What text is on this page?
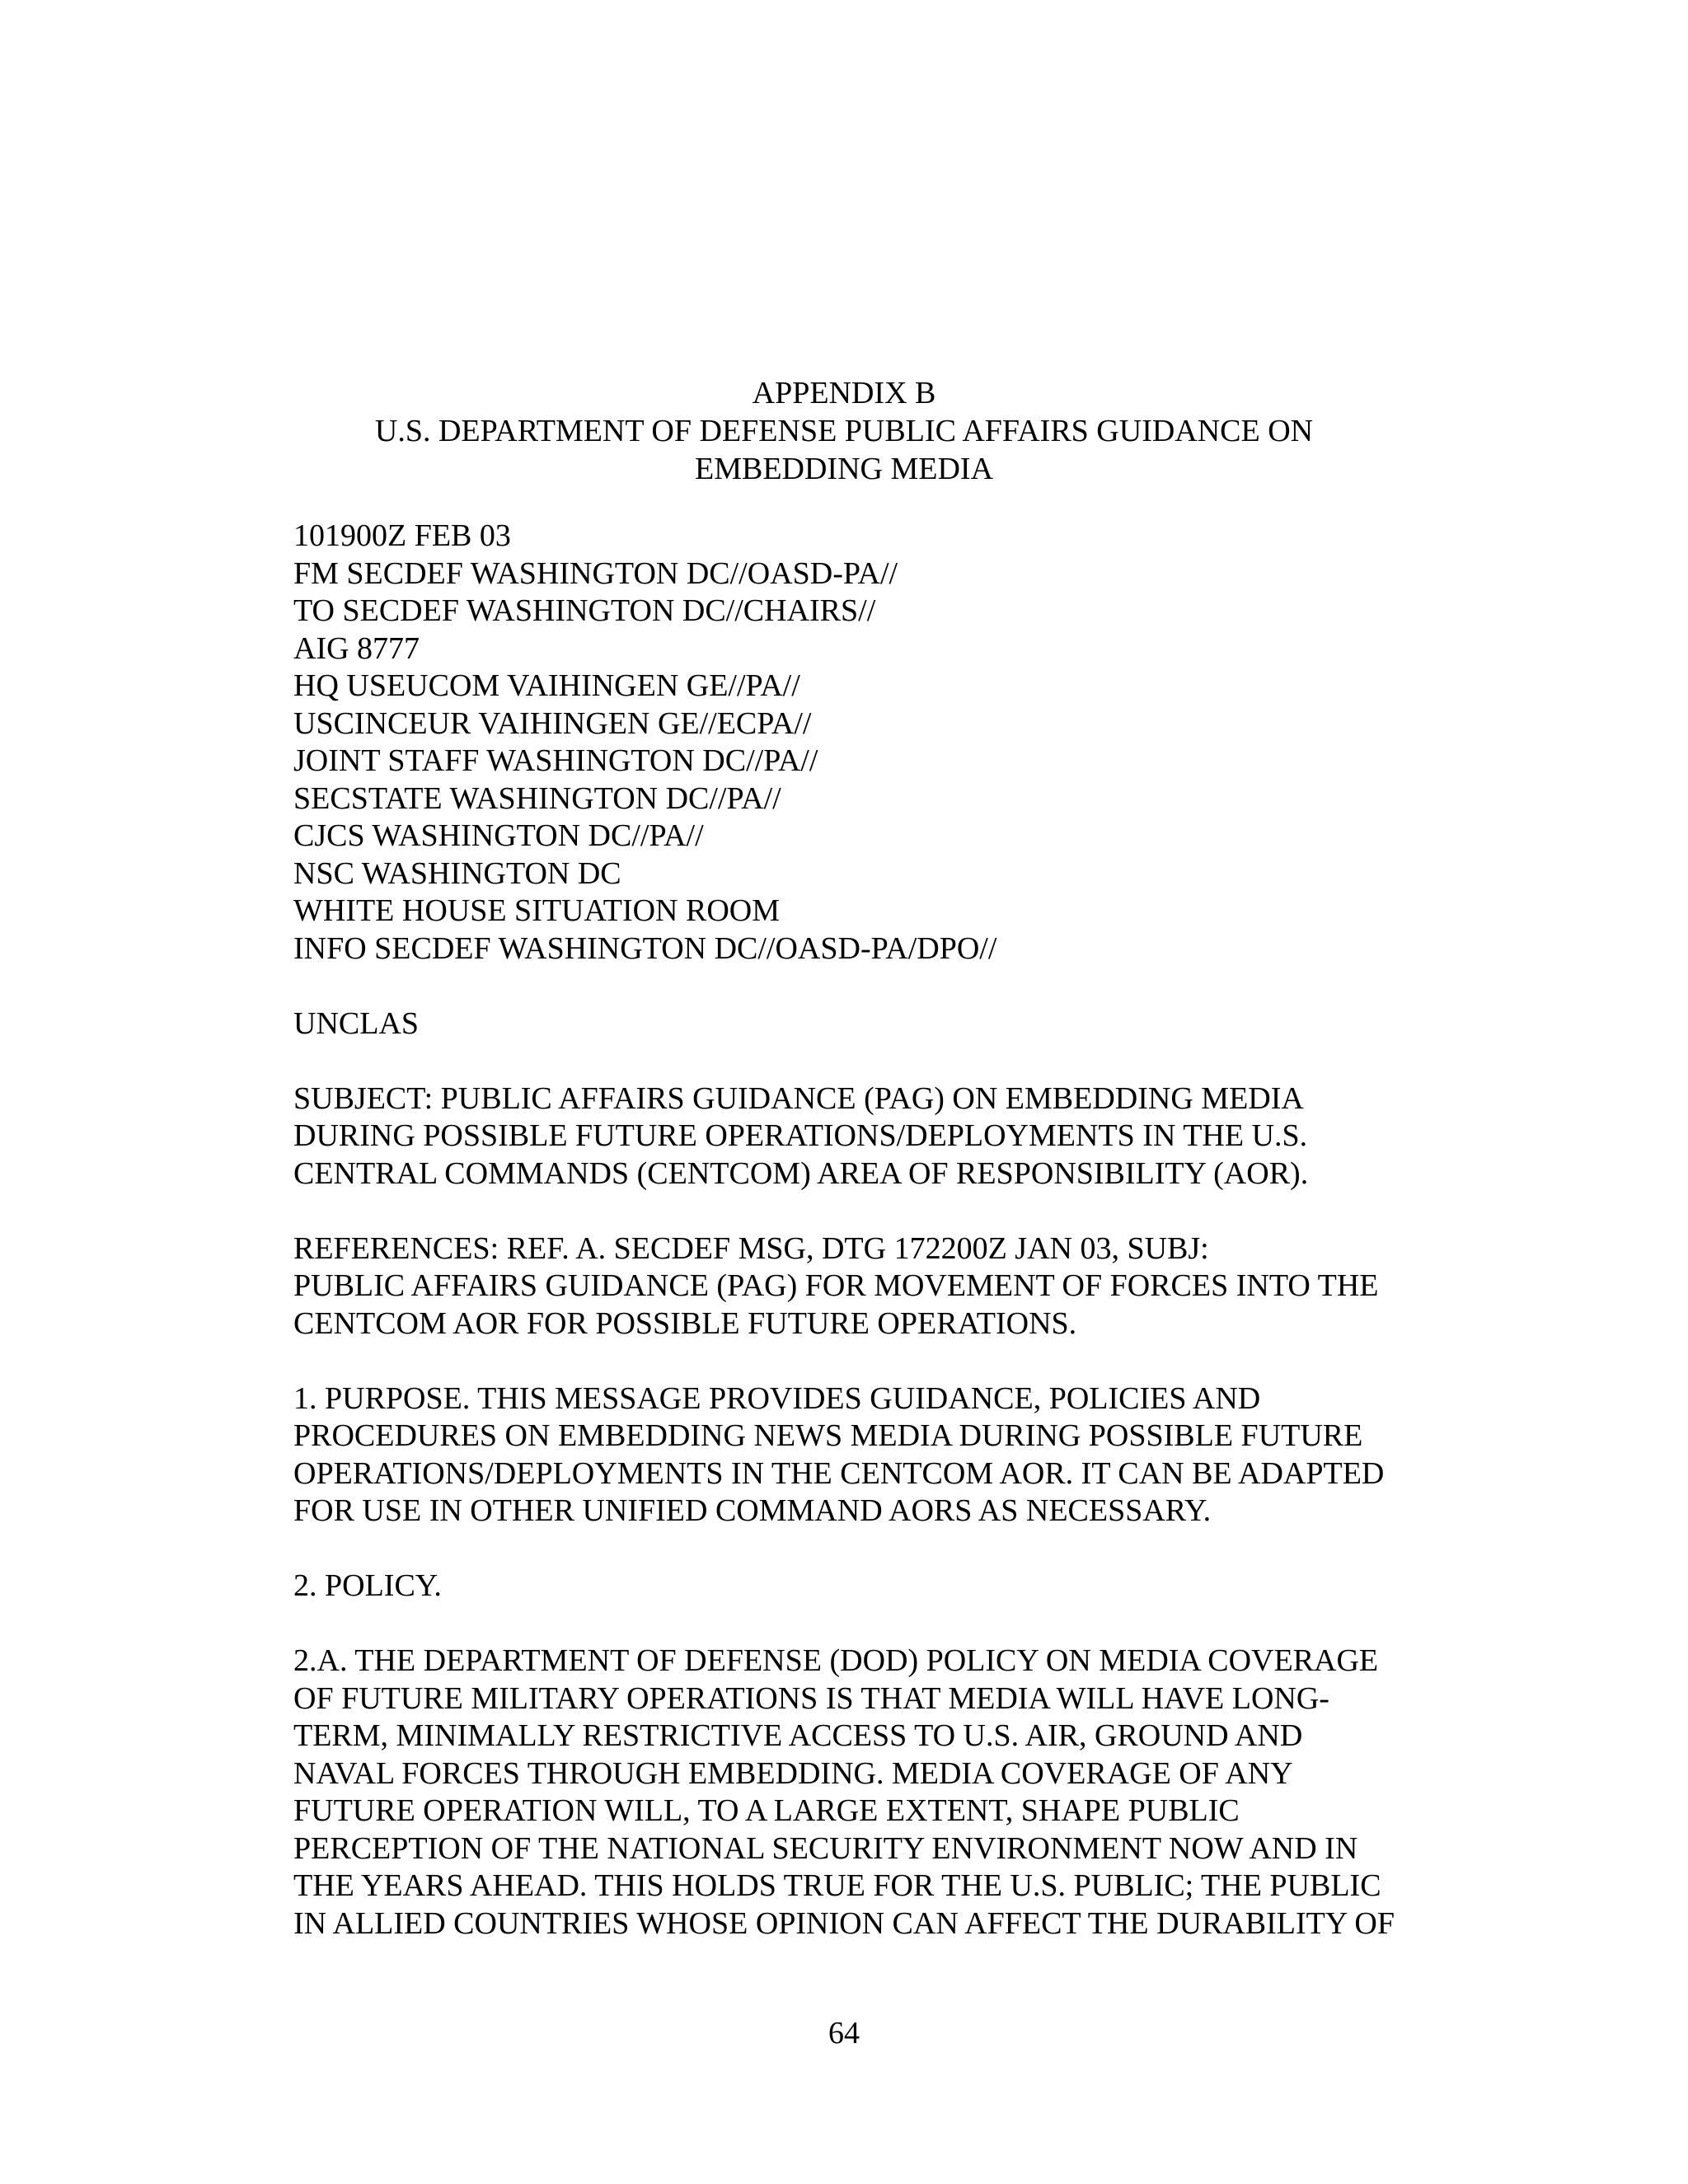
APPENDIX B
U.S. DEPARTMENT OF DEFENSE PUBLIC AFFAIRS GUIDANCE ON
EMBEDDING MEDIA
101900Z FEB 03
FM SECDEF WASHINGTON DC//OASD-PA//
TO SECDEF WASHINGTON DC//CHAIRS//
AIG 8777
HQ USEUCOM VAIHINGEN GE//PA//
USCINCEUR VAIHINGEN GE//ECPA//
JOINT STAFF WASHINGTON DC//PA//
SECSTATE WASHINGTON DC//PA//
CJCS WASHINGTON DC//PA//
NSC WASHINGTON DC
WHITE HOUSE SITUATION ROOM
INFO SECDEF WASHINGTON DC//OASD-PA/DPO//
UNCLAS
SUBJECT: PUBLIC AFFAIRS GUIDANCE (PAG) ON EMBEDDING MEDIA
DURING POSSIBLE FUTURE OPERATIONS/DEPLOYMENTS IN THE U.S.
CENTRAL COMMANDS (CENTCOM) AREA OF RESPONSIBILITY (AOR).
REFERENCES: REF. A. SECDEF MSG, DTG 172200Z JAN 03, SUBJ:
PUBLIC AFFAIRS GUIDANCE (PAG) FOR MOVEMENT OF FORCES INTO THE
CENTCOM AOR FOR POSSIBLE FUTURE OPERATIONS.
1. PURPOSE. THIS MESSAGE PROVIDES GUIDANCE, POLICIES AND
PROCEDURES ON EMBEDDING NEWS MEDIA DURING POSSIBLE FUTURE
OPERATIONS/DEPLOYMENTS IN THE CENTCOM AOR. IT CAN BE ADAPTED
FOR USE IN OTHER UNIFIED COMMAND AORS AS NECESSARY.
2. POLICY.
2.A. THE DEPARTMENT OF DEFENSE (DOD) POLICY ON MEDIA COVERAGE
OF FUTURE MILITARY OPERATIONS IS THAT MEDIA WILL HAVE LONG-
TERM, MINIMALLY RESTRICTIVE ACCESS TO U.S. AIR, GROUND AND
NAVAL FORCES THROUGH EMBEDDING. MEDIA COVERAGE OF ANY
FUTURE OPERATION WILL, TO A LARGE EXTENT, SHAPE PUBLIC
PERCEPTION OF THE NATIONAL SECURITY ENVIRONMENT NOW AND IN
THE YEARS AHEAD. THIS HOLDS TRUE FOR THE U.S. PUBLIC; THE PUBLIC
IN ALLIED COUNTRIES WHOSE OPINION CAN AFFECT THE DURABILITY OF
64
